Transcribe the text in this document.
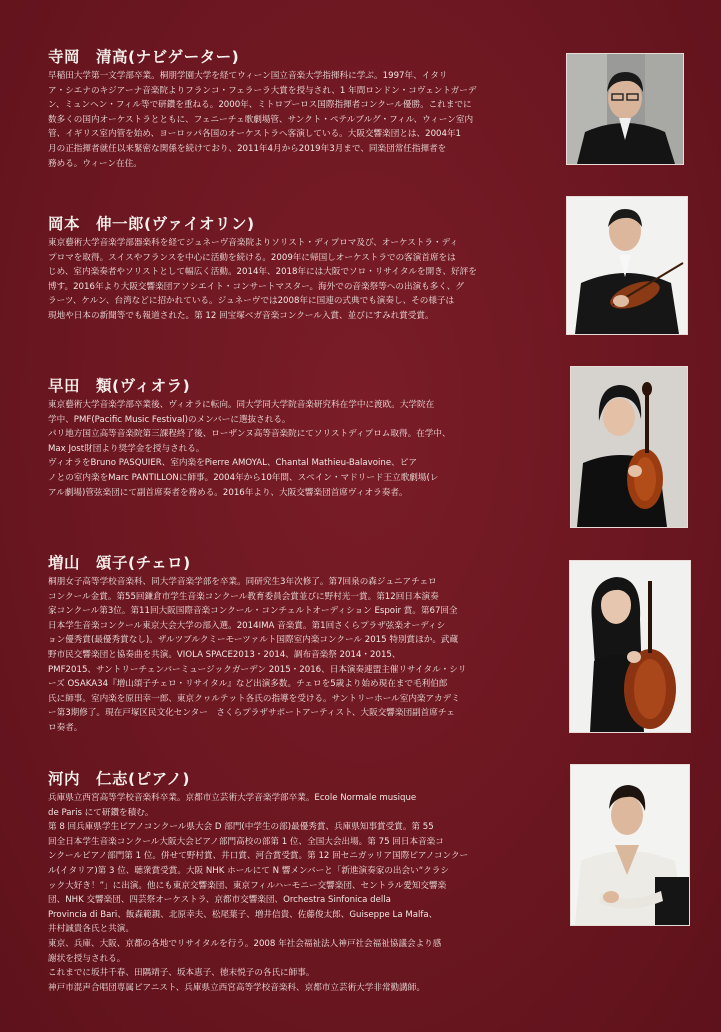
寺岡　清高(ナビゲーター)

早稲田大学第一文学部卒業。桐朋学園大学を経てウィーン国立音楽大学指揮科に学ぶ。1997年、イタリ

ア・シエナのキジアーナ音楽院よりフランコ・フェラーラ大賞を授与され、1 年間ロンドン・コヴェントガーデ

ン、ミュンヘン・フィル等で研鑽を重ねる。2000年、ミトロプーロス国際指揮者コンクール優勝。これまでに

数多くの国内オーケストラとともに、フェニーチェ歌劇場管、サンクト・ペテルブルグ・フィル、ウィーン室内

管、イギリス室内管を始め、ヨーロッパ各国のオーケストラへ客演している。大阪交響楽団とは、2004年1

月の正指揮者就任以来緊密な関係を続けており、2011年4月から2019年3月まで、同楽団常任指揮者を

務める。ウィーン在住。

岡本　伸一郎(ヴァイオリン)

東京藝術大学音楽学部器楽科を経てジュネーヴ音楽院よりソリスト・ディプロマ及び、オーケストラ・ディ

プロマを取得。スイスやフランスを中心に活動を続ける。2009年に帰国しオーケストラでの客演首席をは

じめ、室内楽奏者やソリストとして幅広く活動。2014年、2018年には大阪でソロ・リサイタルを開き、好評を

博す。2016年より大阪交響楽団アソシエイト・コンサートマスター。海外での音楽祭等への出演も多く、グ

ラーツ、ケルン、台湾などに招かれている。ジュネーヴでは2008年に国連の式典でも演奏し、その様子は

現地や日本の新聞等でも報道された。第 12 回宝塚ベガ音楽コンクール入賞、並びにすみれ賞受賞。

早田　類(ヴィオラ)

東京藝術大学音楽学部卒業後、ヴィオラに転向。同大学同大学院音楽研究科在学中に渡欧。大学院在

学中、PMF(Pacific Music Festival)のメンバーに選抜される。

パリ地方国立高等音楽院第三課程終了後、ローザンヌ高等音楽院にてソリストディプロム取得。在学中、

Max Jost財団より奨学金を授与される。

ヴィオラをBruno PASQUIER、室内楽をPierre AMOYAL、Chantal Mathieu-Balavoine、ピア

ノとの室内楽をMarc PANTILLONに師事。2004年から10年間、スペイン・マドリード王立歌劇場(レ

アル劇場)管弦楽団にて副首席奏者を務める。2016年より、大阪交響楽団首席ヴィオラ奏者。

増山　頌子(チェロ)

桐朋女子高等学校音楽科、同大学音楽学部を卒業。同研究生3年次修了。第7回泉の森ジュニアチェロ

コンクール金賞。第55回鎌倉市学生音楽コンクール教育委員会賞並びに野村光一賞。第12回日本演奏

家コンクール第3位。第11回大阪国際音楽コンクール・コンチェルトオーディション Espoir 賞。第67回全

日本学生音楽コンクール東京大会大学の部入選。2014IMA 音楽賞。第1回さくらプラザ弦楽オーディシ

ョン優秀賞(最優秀賞なし)。ザルツブルクミーモーツァルト国際室内楽コンクール 2015 特別賞ほか。武蔵

野市民交響楽団と協奏曲を共演。VIOLA SPACE2013・2014、調布音楽祭 2014・2015、

PMF2015、サントリーチェンバーミュージックガーデン 2015・2016、日本演奏連盟主催リサイタル・シリ

ーズ OSAKA34『増山頌子チェロ・リサイタル』など出演多数。チェロを5歳より始め現在まで毛利伯郎

氏に師事。室内楽を原田幸一郎、東京クヮルテット各氏の指導を受ける。サントリーホール室内楽アカデミ

ー第3期修了。現在戸塚区民文化センター　さくらプラザサポートアーティスト、大阪交響楽団副首席チェ

ロ奏者。

河内　仁志(ピアノ)

兵庫県立西宮高等学校音楽科卒業。京都市立芸術大学音楽学部卒業。Ecole Normale musique

de Paris にて研鑽を積む。

第 8 回兵庫県学生ピアノコンクール県大会 D 部門(中学生の部)最優秀賞、兵庫県知事賞受賞。第 55

回全日本学生音楽コンクール大阪大会ピアノ部門高校の部第 1 位、全国大会出場。第 75 回日本音楽コ

ンクールピアノ部門第 1 位。併せて野村賞、井口賞、河合賞受賞。第 12 回セニガッリア国際ピアノコンクー

ル(イタリア)第 3 位、聴衆賞受賞。大阪 NHK ホールにて N 響メンバーと「新進演奏家の出会い“クラシ

ック大好き！”」に出演。他にも東京交響楽団、東京フィルハーモニー交響楽団、セントラル愛知交響楽

団、NHK 交響楽団、四芸祭オーケストラ、京都市交響楽団、Orchestra Sinfonica della

Provincia di Bari、飯森範親、北原幸夫、松尾葉子、増井信貴、佐藤俊太郎、Guiseppe La Malfa、

井村誠貴各氏と共演。

東京、兵庫、大阪、京都の各地でリサイタルを行う。2008 年社会福祉法人神戸社会福祉協議会より感

謝状を授与される。

これまでに坂井千春、田隅靖子、坂本恵子、徳末悦子の各氏に師事。

神戸市混声合唱団専属ピアニスト、兵庫県立西宮高等学校音楽科、京都市立芸術大学非常勤講師。
